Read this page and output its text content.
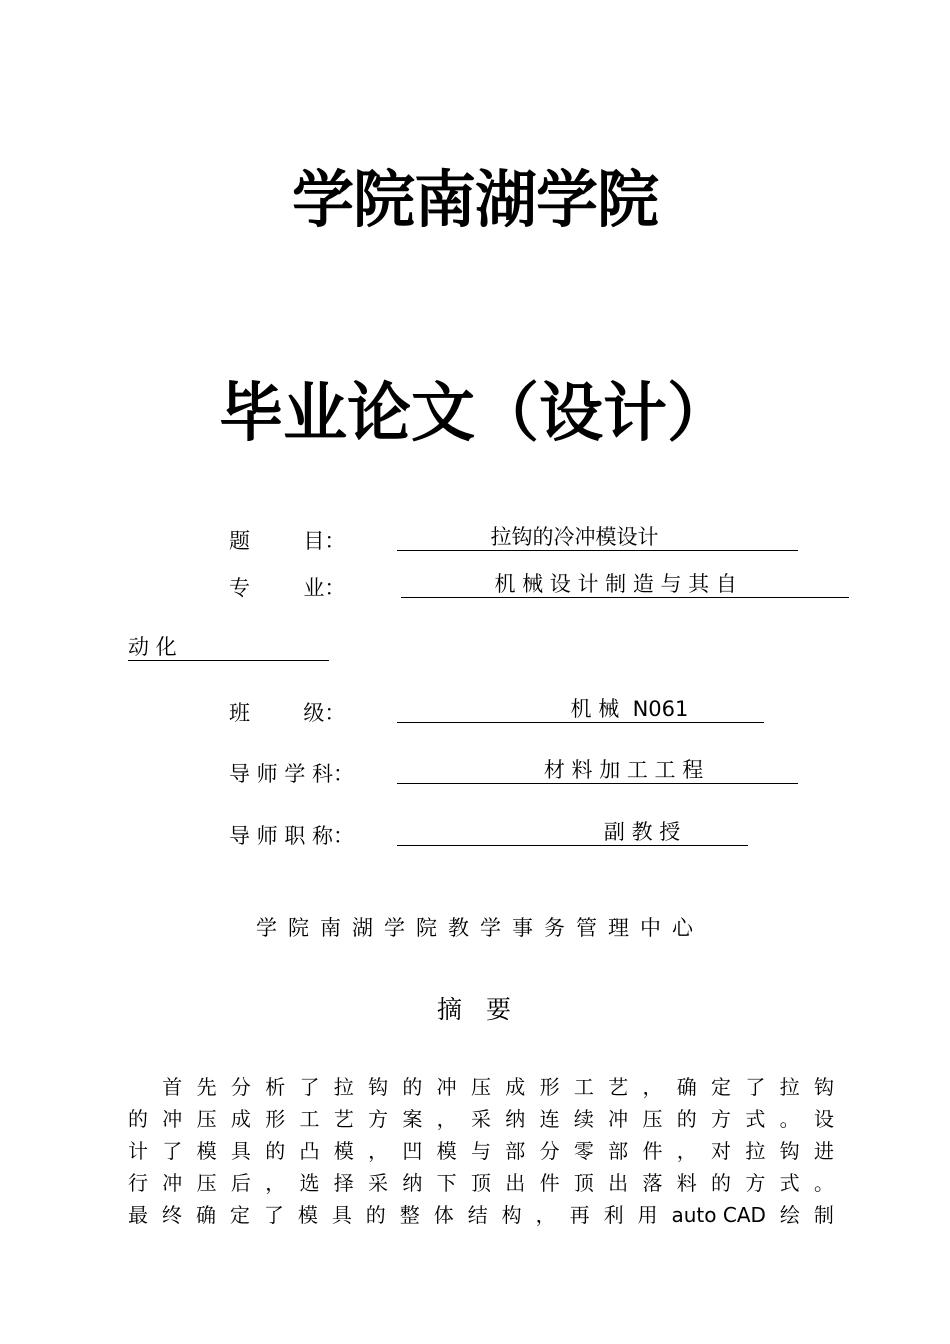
学院南湖学院
毕业论文（设计）
题        目： 拉钩的冷冲模设计
专        业：	机 械 设 计 制 造 与 其 自
动 化
班        级： 机 械  N061
导 师 学 科： 材 料 加 工 工 程
导 师 职 称： 副 教 授
学院南湖学院教学事务管理中心
摘要
首 先 分 析 了 拉 钩 的 冲 压 成 形 工 艺 ， 确 定 了 拉 钩
的 冲 压 成 形 工 艺 方 案 ， 采 纳 连 续 冲 压 的 方 式 。 设
计 了 模 具 的 凸 模 ， 凹 模 与 部 分 零 部 件 ， 对 拉 钩 进
行 冲 压 后 ， 选 择 采 纳 下 顶 出 件 顶 出 落 料 的 方 式 。
最 终 确 定 了 模 具 的 整 体 结 构 ， 再 利 用 auto CAD 绘 制
